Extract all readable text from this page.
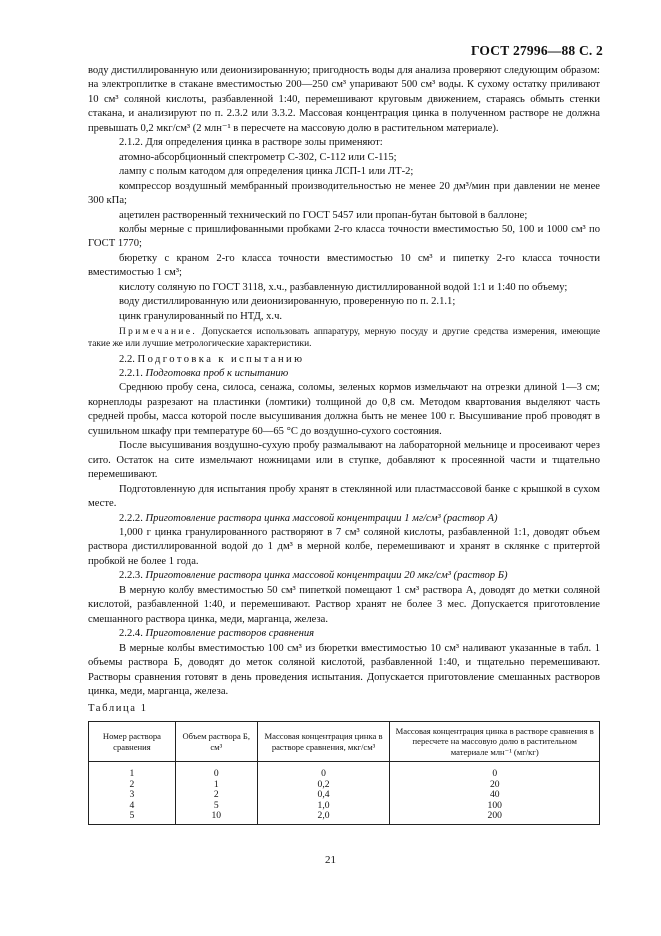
ГОСТ 27996—88 С. 2

воду дистиллированную или деионизированную; пригодность воды для анализа проверяют следующим образом: на электроплитке в стакане вместимостью 200—250 см³ упаривают 500 см³ воды. К сухому остатку приливают 10 см³ соляной кислоты, разбавленной 1:40, перемешивают круговым движением, стараясь обмыть стенки стакана, и анализируют по п. 2.3.2 или 3.3.2. Массовая концентрация цинка в полученном растворе не должна превышать 0,2 мкг/см³ (2 млн⁻¹ в пересчете на массовую долю в растительном материале).

2.1.2. Для определения цинка в растворе золы применяют:

атомно-абсорбционный спектрометр С-302, С-112 или С-115;

лампу с полым катодом для определения цинка ЛСП-1 или ЛТ-2;

компрессор воздушный мембранный производительностью не менее 20 дм³/мин при давлении не менее 300 кПа;

ацетилен растворенный технический по ГОСТ 5457 или пропан-бутан бытовой в баллоне;

колбы мерные с пришлифованными пробками 2-го класса точности вместимостью 50, 100 и 1000 см³ по ГОСТ 1770;

бюретку с краном 2-го класса точности вместимостью 10 см³ и пипетку 2-го класса точности вместимостью 1 см³;

кислоту соляную по ГОСТ 3118, х.ч., разбавленную дистиллированной водой 1:1 и 1:40 по объему;

воду дистиллированную или деионизированную, проверенную по п. 2.1.1;

цинк гранулированный по НТД, х.ч.

Примечание. Допускается использовать аппаратуру, мерную посуду и другие средства измерения, имеющие такие же или лучшие метрологические характеристики.

2.2. Подготовка к испытанию

2.2.1. Подготовка проб к испытанию

Среднюю пробу сена, силоса, сенажа, соломы, зеленых кормов измельчают на отрезки длиной 1—3 см; корнеплоды разрезают на пластинки (ломтики) толщиной до 0,8 см. Методом квартования выделяют часть средней пробы, масса которой после высушивания должна быть не менее 100 г. Высушивание проб проводят в сушильном шкафу при температуре 60—65 °С до воздушно-сухого состояния.

После высушивания воздушно-сухую пробу размалывают на лабораторной мельнице и просеивают через сито. Остаток на сите измельчают ножницами или в ступке, добавляют к просеянной части и тщательно перемешивают.

Подготовленную для испытания пробу хранят в стеклянной или пластмассовой банке с крышкой в сухом месте.

2.2.2. Приготовление раствора цинка массовой концентрации 1 мг/см³ (раствор А)

1,000 г цинка гранулированного растворяют в 7 см³ соляной кислоты, разбавленной 1:1, доводят объем раствора дистиллированной водой до 1 дм³ в мерной колбе, перемешивают и хранят в склянке с притертой пробкой не более 1 года.

2.2.3. Приготовление раствора цинка массовой концентрации 20 мкг/см³ (раствор Б)

В мерную колбу вместимостью 50 см³ пипеткой помещают 1 см³ раствора А, доводят до метки соляной кислотой, разбавленной 1:40, и перемешивают. Раствор хранят не более 3 мес. Допускается приготовление смешанного раствора цинка, меди, марганца, железа.

2.2.4. Приготовление растворов сравнения

В мерные колбы вместимостью 100 см³ из бюретки вместимостью 10 см³ наливают указанные в табл. 1 объемы раствора Б, доводят до меток соляной кислотой, разбавленной 1:40, и тщательно перемешивают. Растворы сравнения готовят в день проведения испытания. Допускается приготовление смешанных растворов цинка, меди, марганца, железа.

Таблица 1

Номер раствора сравнения	Объем раствора Б, см³	Массовая концентрация цинка в растворе сравнения, мкг/см³	Массовая концентрация цинка в растворе сравнения в пересчете на массовую долю в растительном материале млн⁻¹ (мг/кг)
1	0	0	0
2	1	0,2	20
3	2	0,4	40
4	5	1,0	100
5	10	2,0	200
21
